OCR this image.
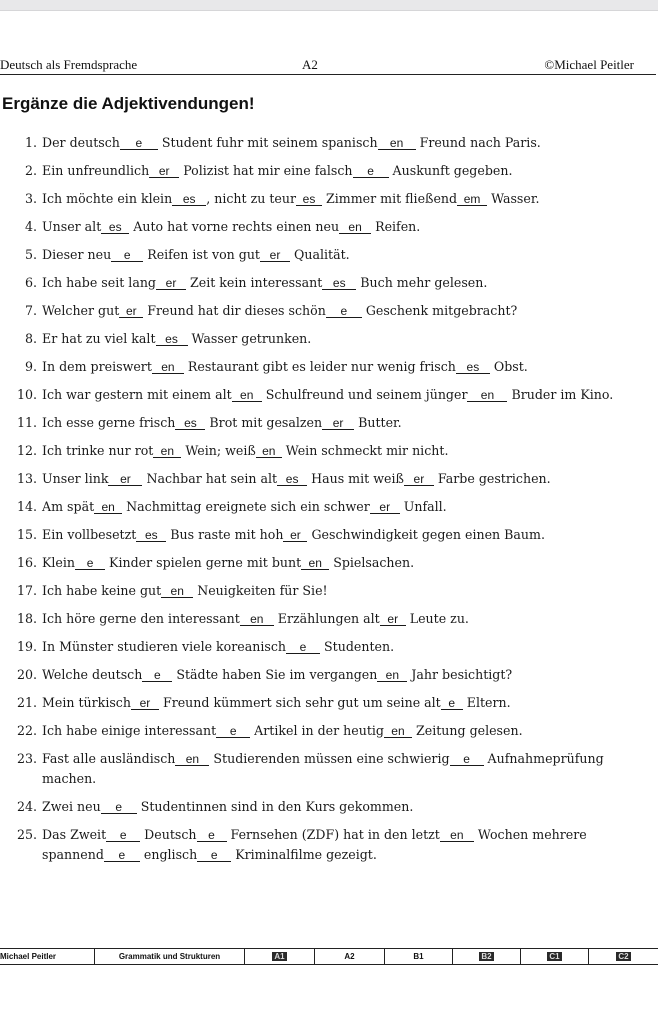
Deutsch als Fremdsprache	A2	©Michael Peitler
Ergänze die Adjektivendungen!
1. Der deutsch e Student fuhr mit seinem spanisch en Freund nach Paris.
2. Ein unfreundlich er Polizist hat mir eine falsch e Auskunft gegeben.
3. Ich möchte ein klein es , nicht zu teur es Zimmer mit fließend em Wasser.
4. Unser alt es Auto hat vorne rechts einen neu en Reifen.
5. Dieser neu e Reifen ist von gut er Qualität.
6. Ich habe seit lang er Zeit kein interessant es Buch mehr gelesen.
7. Welcher gut er Freund hat dir dieses schön e Geschenk mitgebracht?
8. Er hat zu viel kalt es Wasser getrunken.
9. In dem preiswert en Restaurant gibt es leider nur wenig frisch es Obst.
10. Ich war gestern mit einem alt en Schulfreund und seinem jünger en Bruder im Kino.
11. Ich esse gerne frisch es Brot mit gesalzen er Butter.
12. Ich trinke nur rot en Wein; weiß en Wein schmeckt mir nicht.
13. Unser link er Nachbar hat sein alt es Haus mit weiß er Farbe gestrichen.
14. Am spät en Nachmittag ereignete sich ein schwer er Unfall.
15. Ein vollbesetzt es Bus raste mit hoh er Geschwindigkeit gegen einen Baum.
16. Klein e Kinder spielen gerne mit bunt en Spielsachen.
17. Ich habe keine gut en Neuigkeiten für Sie!
18. Ich höre gerne den interessant en Erzählungen alt er Leute zu.
19. In Münster studieren viele koreanisch e Studenten.
20. Welche deutsch e Städte haben Sie im vergangen en Jahr besichtigt?
21. Mein türkisch er Freund kümmert sich sehr gut um seine alt e Eltern.
22. Ich habe einige interessant e Artikel in der heutig en Zeitung gelesen.
23. Fast alle ausländisch en Studierenden müssen eine schwierig e Aufnahmeprüfung machen.
24. Zwei neu e Studentinnen sind in den Kurs gekommen.
25. Das Zweit e Deutsch e Fernsehen (ZDF) hat in den letzt en Wochen mehrere spannend e englisch e Kriminalfilme gezeigt.
Michael Peitler	Grammatik und Strukturen	A1	A2	B1	B2	C1	C2
